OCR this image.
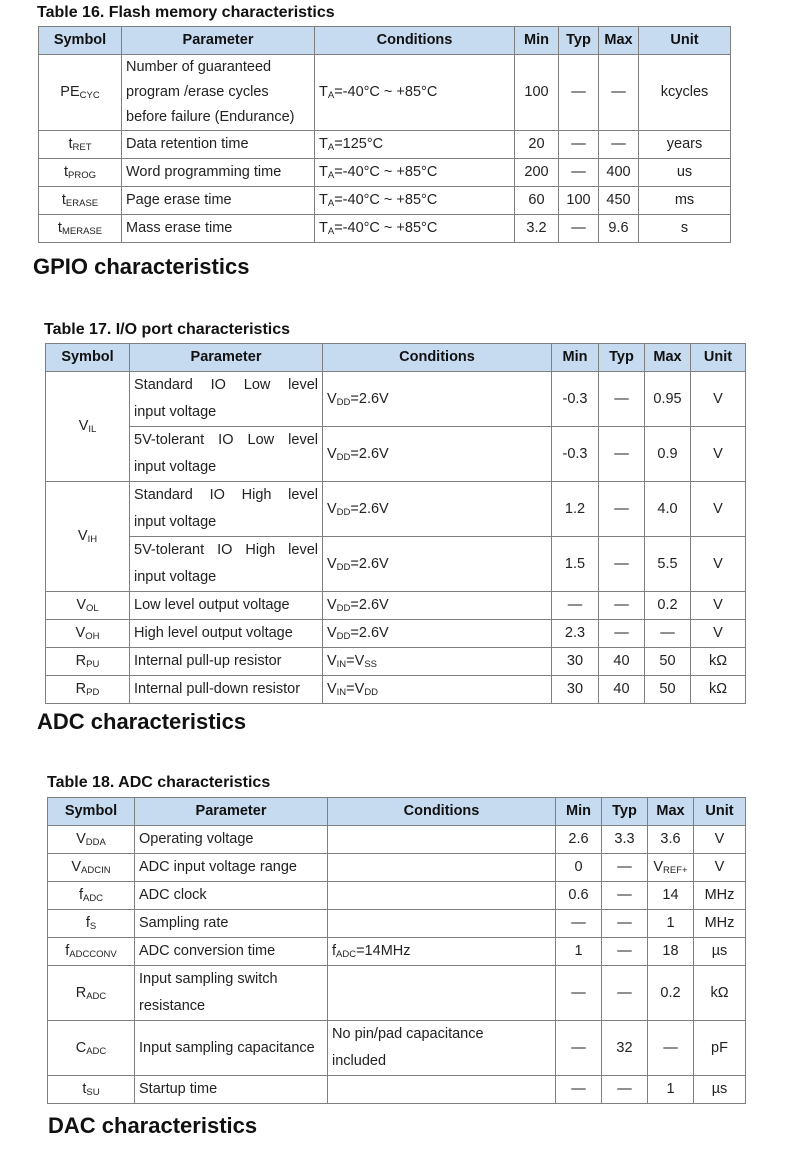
Table 16. Flash memory characteristics
Symbol	Parameter	Conditions	Min	Typ	Max	Unit
$PE_{CYC}$	Number of guaranteed
program /erase cycles
before failure (Endurance)	$T_A=-40^\circ C$ ~ +85°C	100	—	—	kcycles
$t_{RET}$	Data retention time	$T_A=125^\circ C$	20	—	—	years
$t_{PROG}$	Word programming time	$T_A=-40^\circ C$ ~ +85°C	200	—	400	us
$t_{ERASE}$	Page erase time	$T_A=-40^\circ C$ ~ +85°C	60	100	450	ms
$t_{MERASE}$	Mass erase time	$T_A=-40^\circ C$ ~ +85°C	3.2	—	9.6	s
GPIO characteristics
Table 17. I/O port characteristics
Symbol	Parameter	Conditions	Min	Typ	Max	Unit
$V_{IL}$	Standard IO Low level
input voltage	$V_{DD}=2.6V$	-0.3	—	0.95	V

	5V-tolerant IO Low level
input voltage	$V_{DD}=2.6V$	-0.3	—	0.9	V
$V_{IH}$	Standard IO High level
input voltage	$V_{DD}=2.6V$	1.2	—	4.0	V

	5V-tolerant IO High level
input voltage	$V_{DD}=2.6V$	1.5	—	5.5	V
$V_{OL}$	Low level output voltage	$V_{DD}=2.6V$	—	—	0.2	V
$V_{OH}$	High level output voltage	$V_{DD}=2.6V$	2.3	—	—	V
$R_{PU}$	Internal pull-up resistor	$V_{IN}=V_{SS}$	30	40	50	kΩ
$R_{PD}$	Internal pull-down resistor	$V_{IN}=V_{DD}$	30	40	50	kΩ
ADC characteristics
Table 18. ADC characteristics
Symbol	Parameter	Conditions	Min	Typ	Max	Unit
$V_{DDA}$	Operating voltage		2.6	3.3	3.6	V
$V_{ADCIN}$	ADC input voltage range		0	—	$V_{REF+}$	V
$f_{ADC}$	ADC clock		0.6	—	14	MHz
$f_S$	Sampling rate		—	—	1	MHz
$f_{ADCCONV}$	ADC conversion time	$f_{ADC}=14MHz$	1	—	18	µs
$R_{ADC}$	Input sampling switch
resistance		—	—	0.2	kΩ
$C_{ADC}$	Input sampling capacitance	No pin/pad capacitance
included	—	32	—	pF
$t_{SU}$	Startup time		—	—	1	µs
DAC characteristics
